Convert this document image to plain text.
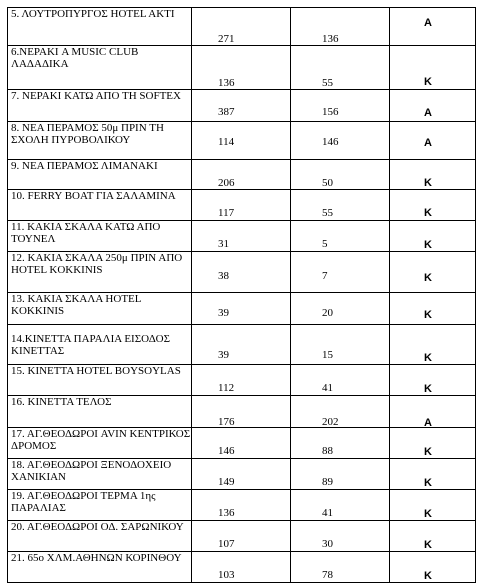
5. ΛΟΥΤΡΟΠΥΡΓΟΣ HOTEL AKTI	271	136	A

6.ΝΕΡΑΚΙ A MUSIC CLUB ΛΑΔΑΔΙΚΑ	136	55	K

7. ΝΕΡΑΚΙ ΚΑΤΩ ΑΠΟ ΤΗ SOFTEX	387	156	A

8. ΝΕΑ ΠΕΡΑΜΟΣ 50μ ΠΡΙΝ ΤΗ ΣΧΟΛΗ ΠΥΡΟΒΟΛΙΚΟΥ	114	146	A

9. ΝΕΑ ΠΕΡΑΜΟΣ ΛΙΜΑΝΑΚΙ	206	50	K

10. FERRY BOAT ΓΙΑ ΣΑΛΑΜΙΝΑ	117	55	K

11. ΚΑΚΙΑ ΣΚΑΛΑ ΚΑΤΩ ΑΠΟ ΤΟΥΝΕΛ	31	5	K

12. ΚΑΚΙΑ ΣΚΑΛΑ 250μ ΠΡΙΝ ΑΠΟ HOTEL KOKKINIS	38	7	K

13. ΚΑΚΙΑ ΣΚΑΛΑ HOTEL KOKKINIS	39	20	K

14.ΚΙΝΕΤΤΑ ΠΑΡΑΛΙΑ ΕΙΣΟΔΟΣ ΚΙΝΕΤΤΑΣ	39	15	K

15. ΚΙΝΕΤΤΑ HOTEL BOYSOYLAS	112	41	K

16. ΚΙΝΕΤΤΑ ΤΕΛΟΣ	176	202	A

17. ΑΓ.ΘΕΟΔΩΡΟΙ AVIN ΚΕΝΤΡΙΚΟΣ ΔΡΟΜΟΣ	146	88	K

18. ΑΓ.ΘΕΟΔΩΡΟΙ ΞΕΝΟΔΟΧΕΙΟ ΧΑΝΙΚΙΑΝ	149	89	K

19. ΑΓ.ΘΕΟΔΩΡΟΙ ΤΕΡΜΑ 1ης ΠΑΡΑΛΙΑΣ	136	41	K

20. ΑΓ.ΘΕΟΔΩΡΟΙ ΟΔ. ΣΑΡΩΝΙΚΟΥ	107	30	K

21. 65ο ΧΛΜ.ΑΘΗΝΩΝ ΚΟΡΙΝΘΟΥ	103	78	K
